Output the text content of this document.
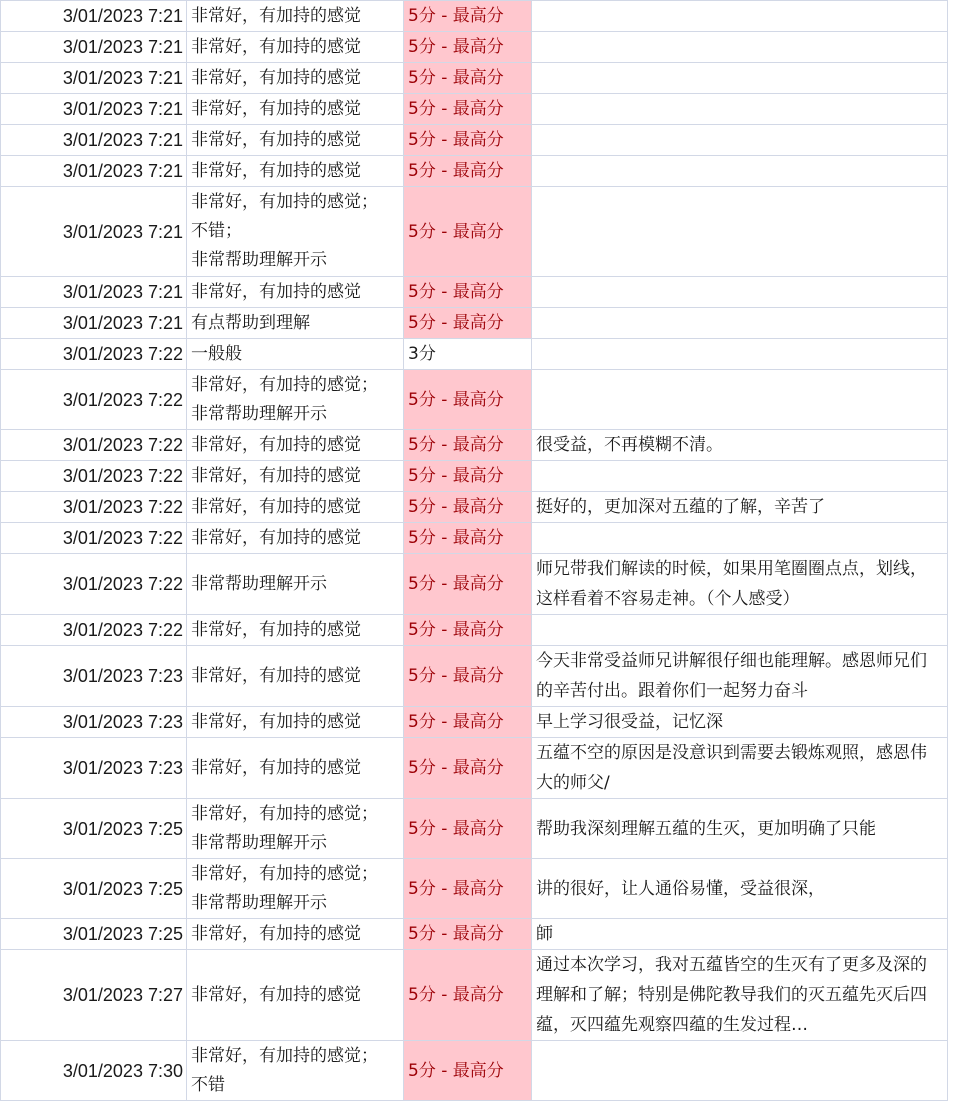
3/01/2023 7:21	非常好，有加持的感觉	5分 - 最高分	

3/01/2023 7:21	非常好，有加持的感觉	5分 - 最高分	

3/01/2023 7:21	非常好，有加持的感觉	5分 - 最高分	

3/01/2023 7:21	非常好，有加持的感觉	5分 - 最高分	

3/01/2023 7:21	非常好，有加持的感觉	5分 - 最高分	

3/01/2023 7:21	非常好，有加持的感觉	5分 - 最高分	

3/01/2023 7:21	非常好，有加持的感觉；
不错；
非常帮助理解开示	5分 - 最高分	

3/01/2023 7:21	非常好，有加持的感觉	5分 - 最高分	

3/01/2023 7:21	有点帮助到理解	5分 - 最高分	

3/01/2023 7:22	一般般	3分	

3/01/2023 7:22	非常好，有加持的感觉；
非常帮助理解开示	5分 - 最高分	

3/01/2023 7:22	非常好，有加持的感觉	5分 - 最高分	很受益，不再模糊不清。

3/01/2023 7:22	非常好，有加持的感觉	5分 - 最高分	

3/01/2023 7:22	非常好，有加持的感觉	5分 - 最高分	挺好的，更加深对五蕴的了解，辛苦了

3/01/2023 7:22	非常好，有加持的感觉	5分 - 最高分	

3/01/2023 7:22	非常帮助理解开示	5分 - 最高分	师兄带我们解读的时候，如果用笔圈圈点点，划线，这样看着不容易走神。（个人感受）

3/01/2023 7:22	非常好，有加持的感觉	5分 - 最高分	

3/01/2023 7:23	非常好，有加持的感觉	5分 - 最高分	今天非常受益师兄讲解很仔细也能理解。感恩师兄们的辛苦付出。跟着你们一起努力奋斗

3/01/2023 7:23	非常好，有加持的感觉	5分 - 最高分	早上学习很受益，记忆深

3/01/2023 7:23	非常好，有加持的感觉	5分 - 最高分	五蕴不空的原因是没意识到需要去锻炼观照，感恩伟大的师父/

3/01/2023 7:25	非常好，有加持的感觉；
非常帮助理解开示	5分 - 最高分	帮助我深刻理解五蕴的生灭，更加明确了只能

3/01/2023 7:25	非常好，有加持的感觉；
非常帮助理解开示	5分 - 最高分	讲的很好，让人通俗易懂，受益很深，

3/01/2023 7:25	非常好，有加持的感觉	5分 - 最高分	師

3/01/2023 7:27	非常好，有加持的感觉	5分 - 最高分	通过本次学习，我对五蕴皆空的生灭有了更多及深的理解和了解；特别是佛陀教导我们的灭五蕴先灭后四蕴，灭四蕴先观察四蕴的生发过程…

3/01/2023 7:30	非常好，有加持的感觉；
不错	5分 - 最高分	
